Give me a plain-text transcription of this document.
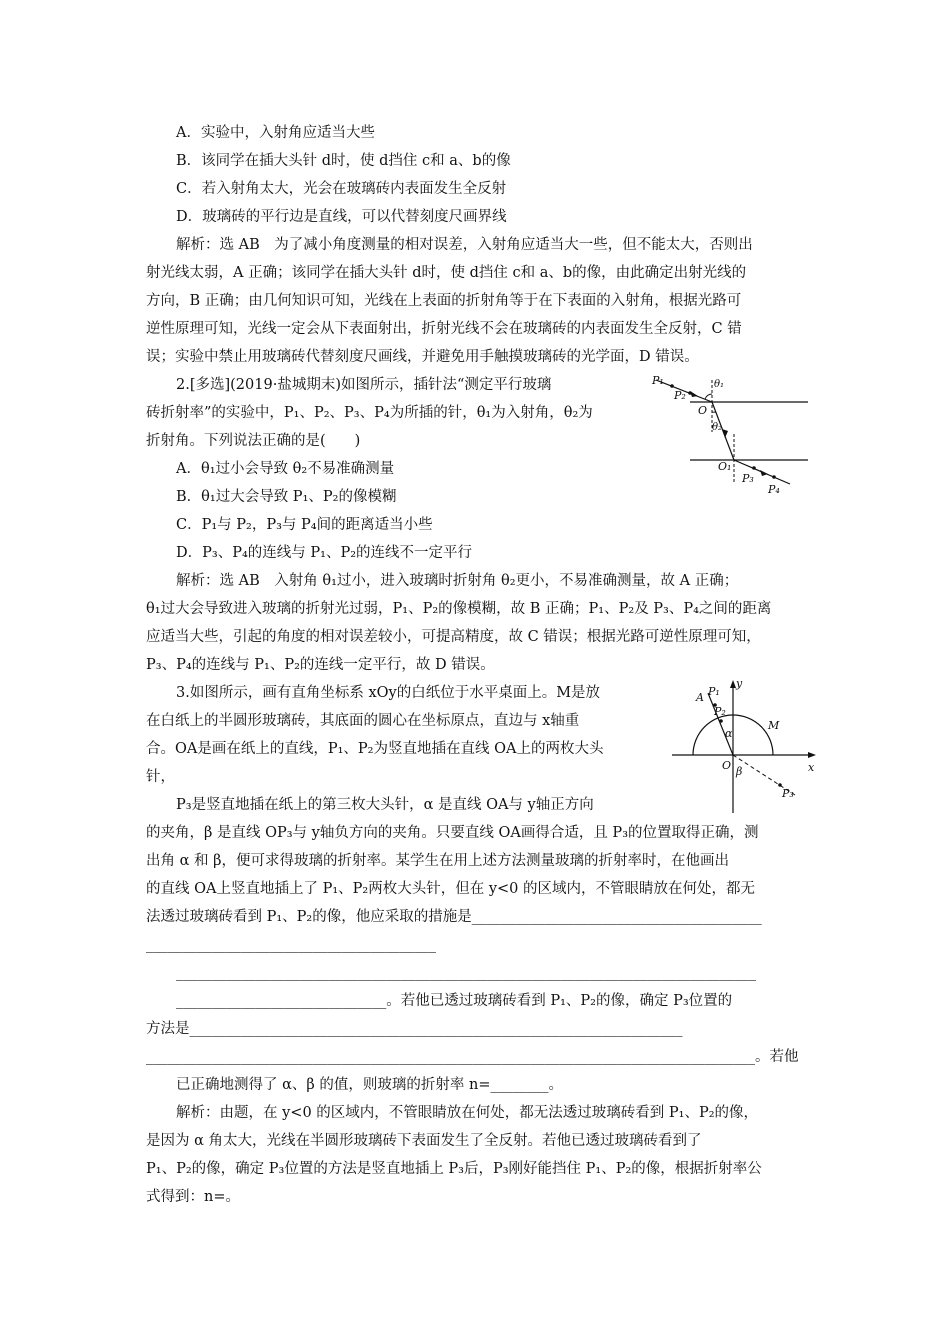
A．实验中，入射角应适当大些
B．该同学在插大头针 d时，使 d挡住 c和 a、b的像
C．若入射角太大，光会在玻璃砖内表面发生全反射
D．玻璃砖的平行边是直线，可以代替刻度尺画界线
解析：选 AB　为了减小角度测量的相对误差，入射角应适当大一些，但不能太大，否则出
射光线太弱，A 正确；该同学在插大头针 d时，使 d挡住 c和 a、b的像，由此确定出射光线的
方向，B 正确；由几何知识可知，光线在上表面的折射角等于在下表面的入射角，根据光路可
逆性原理可知，光线一定会从下表面射出，折射光线不会在玻璃砖的内表面发生全反射，C 错
误；实验中禁止用玻璃砖代替刻度尺画线，并避免用手触摸玻璃砖的光学面，D 错误。
2.[多选](2019·盐城期末)如图所示，插针法“测定平行玻璃
砖折射率”的实验中，P₁、P₂、P₃、P₄为所插的针，θ₁为入射角，θ₂为
折射角。下列说法正确的是(　　)
P₁
P₂
θ₁
O
θ₂
O₁
P₃
P₄
A．θ₁过小会导致 θ₂不易准确测量
B．θ₁过大会导致 P₁、P₂的像模糊
C．P₁与 P₂，P₃与 P₄间的距离适当小些
D．P₃、P₄的连线与 P₁、P₂的连线不一定平行
解析：选 AB　入射角 θ₁过小，进入玻璃时折射角 θ₂更小，不易准确测量，故 A 正确；
θ₁过大会导致进入玻璃的折射光过弱，P₁、P₂的像模糊，故 B 正确；P₁、P₂及 P₃、P₄之间的距离
应适当大些，引起的角度的相对误差较小，可提高精度，故 C 错误；根据光路可逆性原理可知，
P₃、P₄的连线与 P₁、P₂的连线一定平行，故 D 错误。
3.如图所示，画有直角坐标系 xOy的白纸位于水平桌面上。M是放
在白纸上的半圆形玻璃砖，其底面的圆心在坐标原点，直边与 x轴重
合。OA是画在纸上的直线，P₁、P₂为竖直地插在直线 OA上的两枚大头
针，
P₃是竖直地插在纸上的第三枚大头针，α 是直线 OA与 y轴正方向
的夹角，β 是直线 OP₃与 y轴负方向的夹角。只要直线 OA画得合适，且 P₃的位置取得正确，测
出角 α 和 β，便可求得玻璃的折射率。某学生在用上述方法测量玻璃的折射率时，在他画出
的直线 OA上竖直地插上了 P₁、P₂两枚大头针，但在 y<0 的区域内，不管眼睛放在何处，都无
法透过玻璃砖看到 P₁、P₂的像，他应采取的措施是________________________________________
________________________________________
________________________________________________________________________________
_____________________________。若他已透过玻璃砖看到 P₁、P₂的像，确定 P₃位置的
方法是____________________________________________________________________
____________________________________________________________________________________。若他
已正确地测得了 α、β 的值，则玻璃的折射率 n=________。
y
x
A P₁
P₂
M
α
O β
P₃
解析：由题，在 y<0 的区域内，不管眼睛放在何处，都无法透过玻璃砖看到 P₁、P₂的像，
是因为 α 角太大，光线在半圆形玻璃砖下表面发生了全反射。若他已透过玻璃砖看到了
P₁、P₂的像，确定 P₃位置的方法是竖直地插上 P₃后，P₃刚好能挡住 P₁、P₂的像，根据折射率公
式得到：n=。
